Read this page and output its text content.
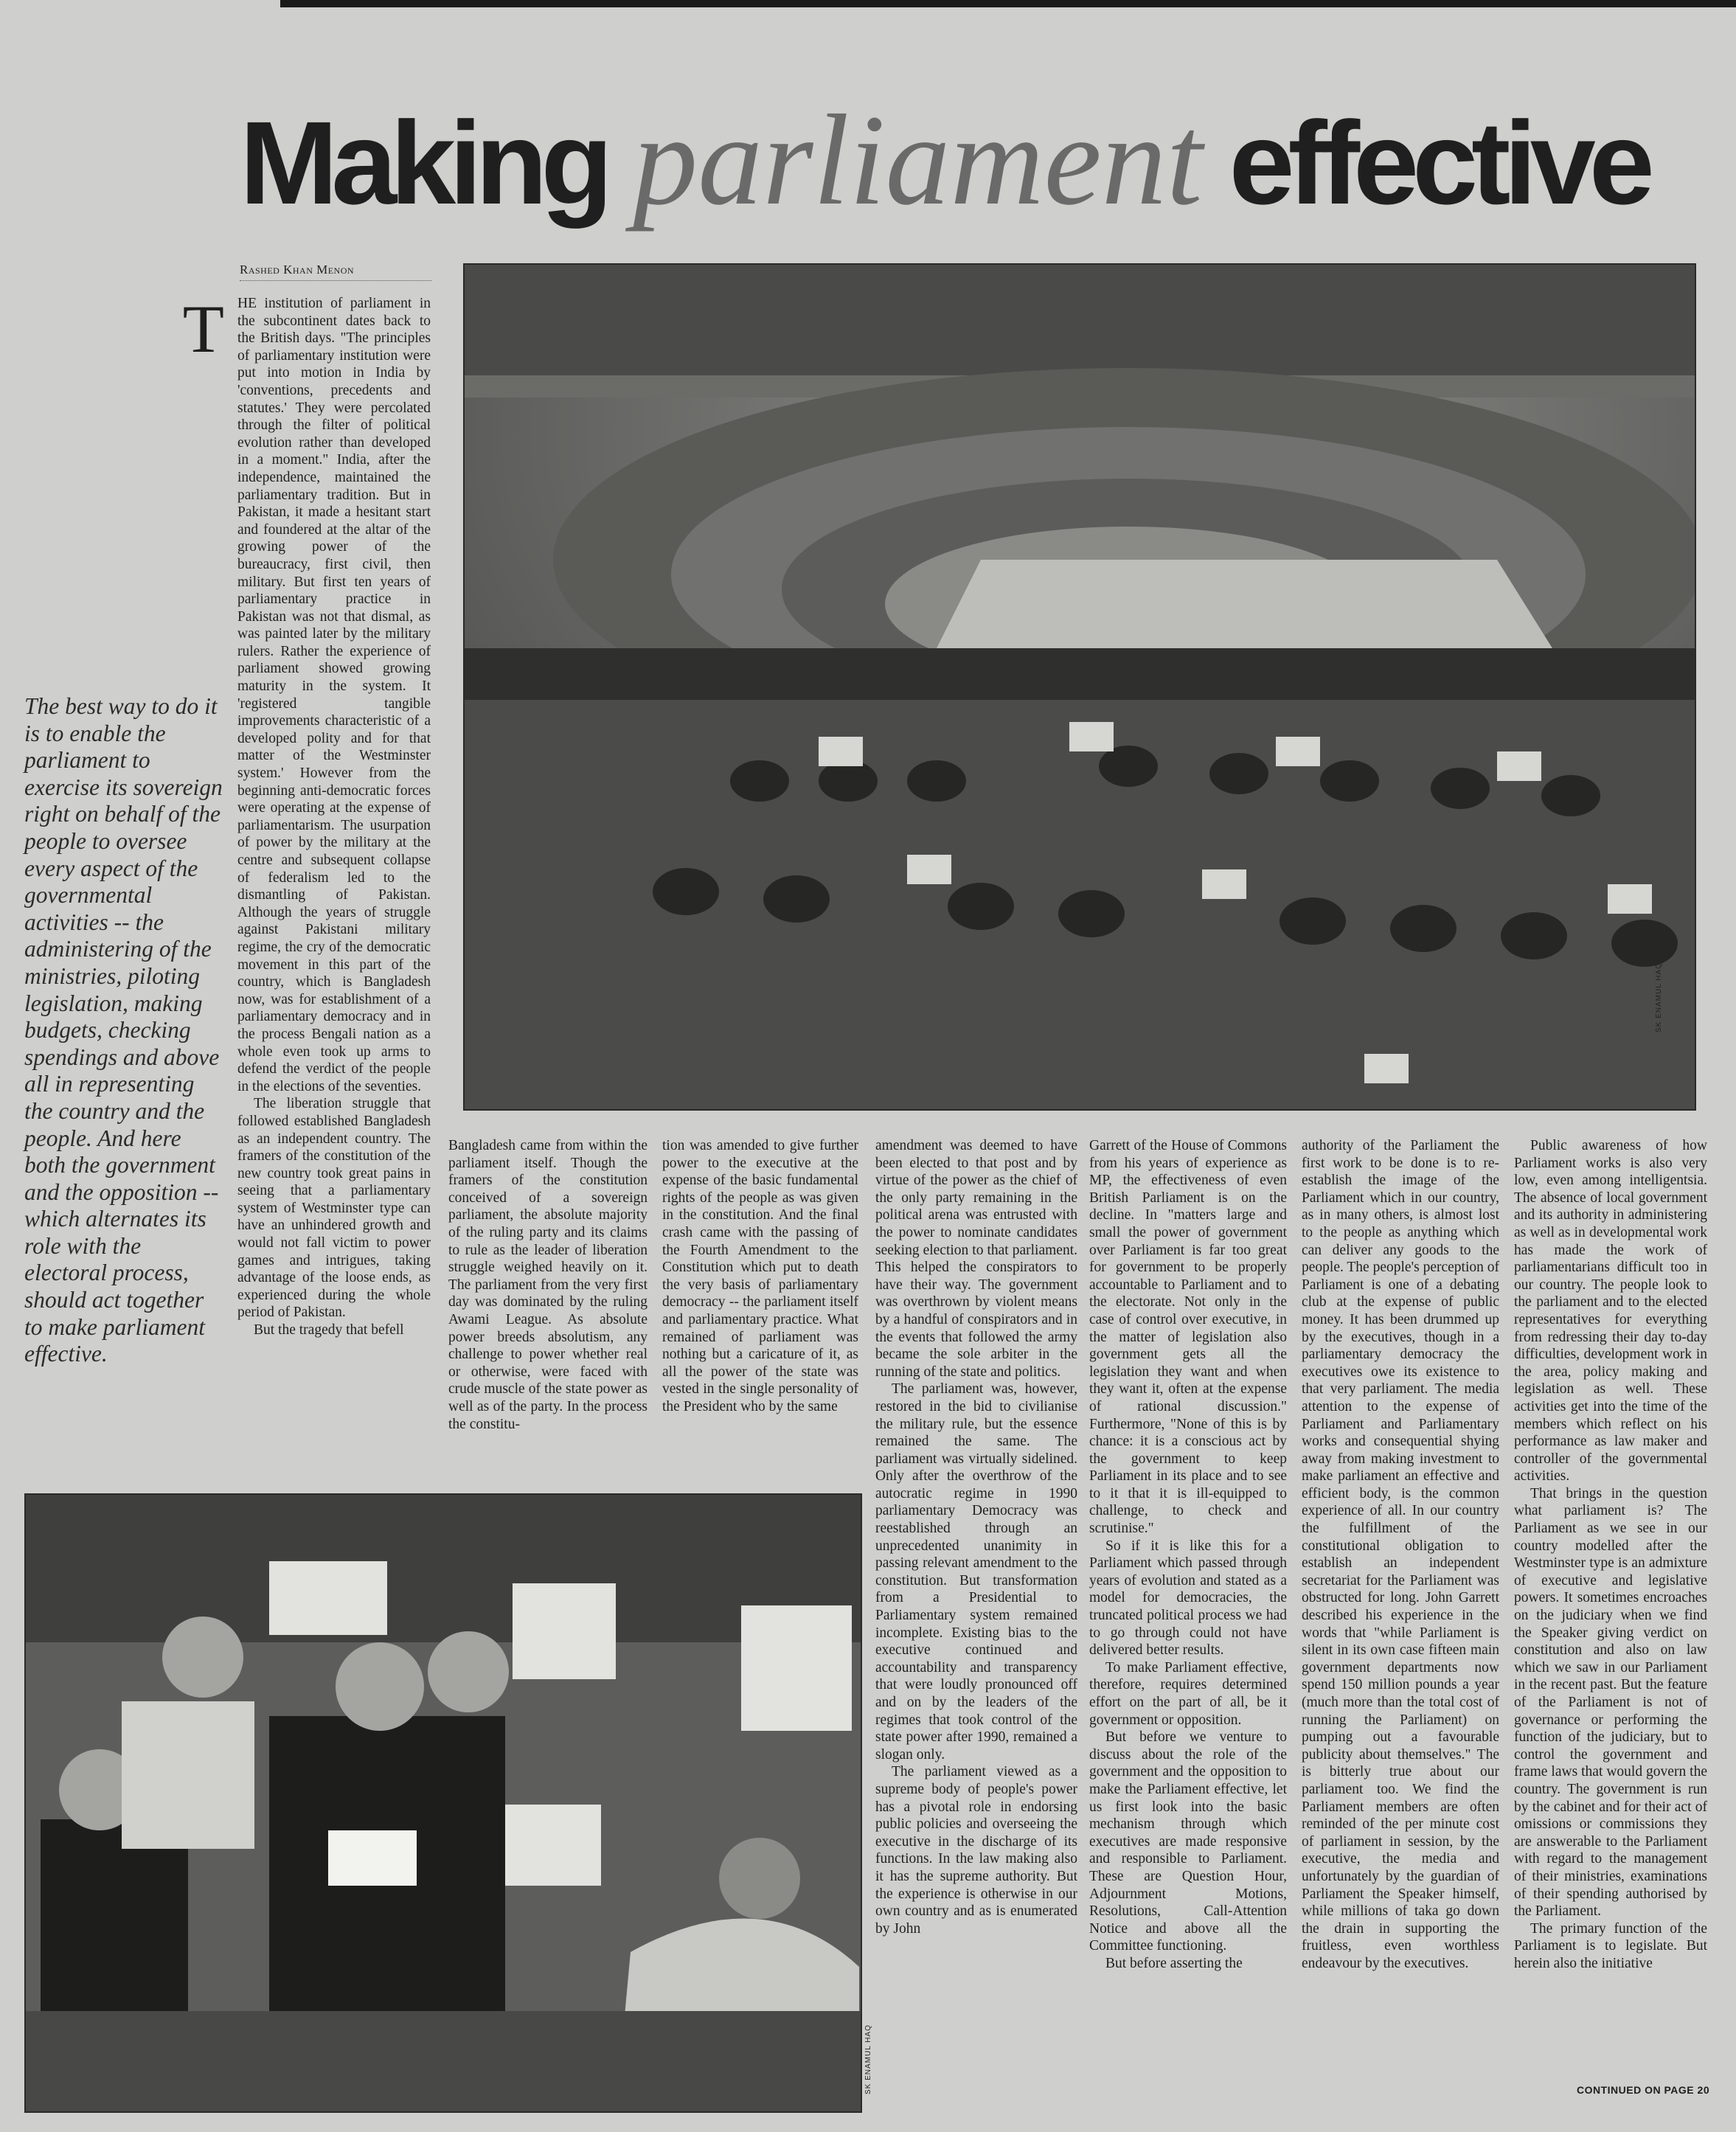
Making parliament effective
Rashed Khan Menon
SK ENAMUL HAQ
SK ENAMUL HAQ
The best way to do it is to enable the parliament to exercise its sovereign right on behalf of the people to oversee every aspect of the governmental activities -- the administering of the ministries, piloting legislation, making budgets, checking spendings and above all in representing the country and the people. And here both the government and the opposition -- which alternates its role with the electoral process, should act together to make parliament effective.

THE institution of parliament in the subcontinent dates back to the British days. "The principles of parliamentary institution were put into motion in India by 'conventions, precedents and statutes.' They were percolated through the filter of political evolution rather than developed in a moment." India, after the independence, maintained the parliamentary tradition. But in Pakistan, it made a hesitant start and foundered at the altar of the growing power of the bureaucracy, first civil, then military. But first ten years of parliamentary practice in Pakistan was not that dismal, as was painted later by the military rulers. Rather the experience of parliament showed growing maturity in the system. It 'registered tangible improvements characteristic of a developed polity and for that matter of the Westminster system.' However from the beginning anti-democratic forces were operating at the expense of parliamentarism. The usurpation of power by the military at the centre and subsequent collapse of federalism led to the dismantling of Pakistan. Although the years of struggle against Pakistani military regime, the cry of the democratic movement in this part of the country, which is Bangladesh now, was for establishment of a parliamentary democracy and in the process Bengali nation as a whole even took up arms to defend the verdict of the people in the elections of the seventies.

The liberation struggle that followed established Bangladesh as an independent country. The framers of the constitution of the new country took great pains in seeing that a parliamentary system of Westminster type can have an unhindered growth and would not fall victim to power games and intrigues, taking advantage of the loose ends, as experienced during the whole period of Pakistan.

But the tragedy that befell

Bangladesh came from within the parliament itself. Though the framers of the constitution conceived of a sovereign parliament, the absolute majority of the ruling party and its claims to rule as the leader of liberation struggle weighed heavily on it. The parliament from the very first day was dominated by the ruling Awami League. As absolute power breeds absolutism, any challenge to power whether real or otherwise, were faced with crude muscle of the state power as well as of the party. In the process the constitu-

tion was amended to give further power to the executive at the expense of the basic fundamental rights of the people as was given in the constitution. And the final crash came with the passing of the Fourth Amendment to the Constitution which put to death the very basis of parliamentary democracy -- the parliament itself and parliamentary practice. What remained of parliament was nothing but a caricature of it, as all the power of the state was vested in the single personality of the President who by the same

amendment was deemed to have been elected to that post and by virtue of the power as the chief of the only party remaining in the political arena was entrusted with the power to nominate candidates seeking election to that parliament. This helped the conspirators to have their way. The government was overthrown by violent means by a handful of conspirators and in the events that followed the army became the sole arbiter in the running of the state and politics.

The parliament was, however, restored in the bid to civilianise the military rule, but the essence remained the same. The parliament was virtually sidelined. Only after the overthrow of the autocratic regime in 1990 parliamentary Democracy was reestablished through an unprecedented unanimity in passing relevant amendment to the constitution. But transformation from a Presidential to Parliamentary system remained incomplete. Existing bias to the executive continued and accountability and transparency that were loudly pronounced off and on by the leaders of the regimes that took control of the state power after 1990, remained a slogan only.

The parliament viewed as a supreme body of people's power has a pivotal role in endorsing public policies and overseeing the executive in the discharge of its functions. In the law making also it has the supreme authority. But the experience is otherwise in our own country and as is enumerated by John

Garrett of the House of Commons from his years of experience as MP, the effectiveness of even British Parliament is on the decline. In "matters large and small the power of government over Parliament is far too great for government to be properly accountable to Parliament and to the electorate. Not only in the case of control over executive, in the matter of legislation also government gets all the legislation they want and when they want it, often at the expense of rational discussion." Furthermore, "None of this is by chance: it is a conscious act by the government to keep Parliament in its place and to see to it that it is ill-equipped to challenge, to check and scrutinise."

So if it is like this for a Parliament which passed through years of evolution and stated as a model for democracies, the truncated political process we had to go through could not have delivered better results.

To make Parliament effective, therefore, requires determined effort on the part of all, be it government or opposition.

But before we venture to discuss about the role of the government and the opposition to make the Parliament effective, let us first look into the basic mechanism through which executives are made responsive and responsible to Parliament. These are Question Hour, Adjournment Motions, Resolutions, Call-Attention Notice and above all the Committee functioning.

But before asserting the

authority of the Parliament the first work to be done is to re-establish the image of the Parliament which in our country, as in many others, is almost lost to the people as anything which can deliver any goods to the people. The people's perception of Parliament is one of a debating club at the expense of public money. It has been drummed up by the executives, though in a parliamentary democracy the executives owe its existence to that very parliament. The media attention to the expense of Parliament and Parliamentary works and consequential shying away from making investment to make parliament an effective and efficient body, is the common experience of all. In our country the fulfillment of the constitutional obligation to establish an independent secretariat for the Parliament was obstructed for long. John Garrett described his experience in the words that "while Parliament is silent in its own case fifteen main government departments now spend 150 million pounds a year (much more than the total cost of running the Parliament) on pumping out a favourable publicity about themselves." The is bitterly true about our parliament too. We find the Parliament members are often reminded of the per minute cost of parliament in session, by the executive, the media and unfortunately by the guardian of Parliament the Speaker himself, while millions of taka go down the drain in supporting the fruitless, even worthless endeavour by the executives.

Public awareness of how Parliament works is also very low, even among intelligentsia. The absence of local government and its authority in administering as well as in developmental work has made the work of parliamentarians difficult too in our country. The people look to the parliament and to the elected representatives for everything from redressing their day to-day difficulties, development work in the area, policy making and legislation as well. These activities get into the time of the members which reflect on his performance as law maker and controller of the governmental activities.

That brings in the question what parliament is? The Parliament as we see in our country modelled after the Westminster type is an admixture of executive and legislative powers. It sometimes encroaches on the judiciary when we find the Speaker giving verdict on constitution and also on law which we saw in our Parliament in the recent past. But the feature of the Parliament is not of governance or performing the function of the judiciary, but to control the government and frame laws that would govern the country. The government is run by the cabinet and for their act of omissions or commissions they are answerable to the Parliament with regard to the management of their ministries, examinations of their spending authorised by the Parliament.

The primary function of the Parliament is to legislate. But herein also the initiative

CONTINUED ON PAGE 20
